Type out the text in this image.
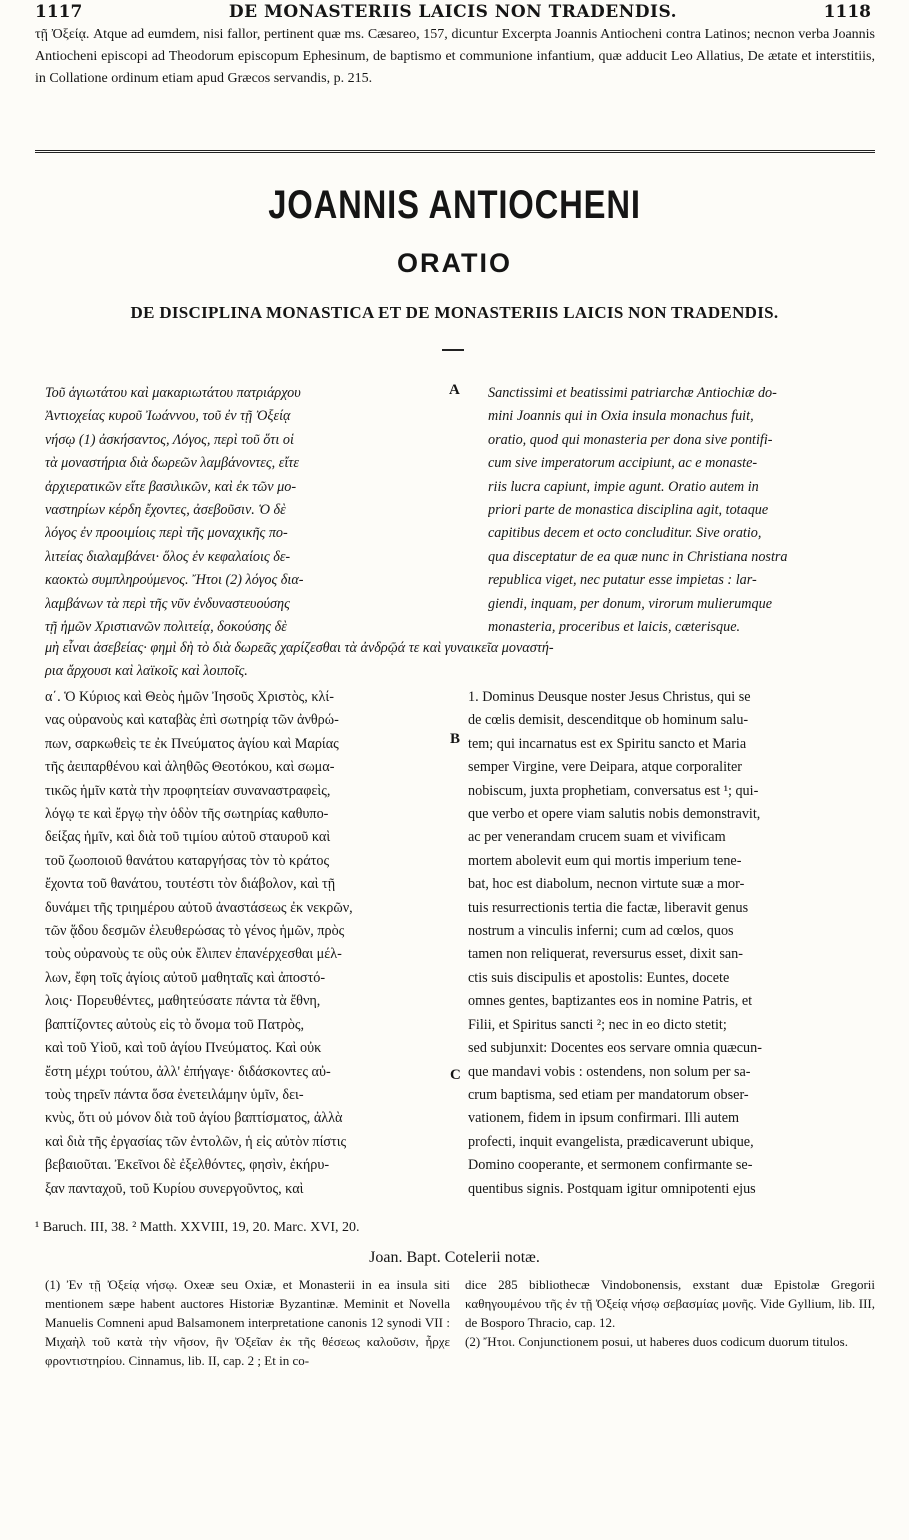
1117	DE MONASTERIIS LAICIS NON TRADENDIS.	1118

τῇ Ὀξείᾳ. Atque ad eumdem, nisi fallor, pertinent quæ ms. Cæsareo, 157, dicuntur Excerpta Joannis Antiocheni contra Latinos; necnon verba Joannis Antiocheni episcopi ad Theodorum episcopum Ephesinum, de baptismo et communione infantium, quæ adducit Leo Allatius, De ætate et interstitiis, in Collatione ordinum etiam apud Græcos servandis, p. 215.

JOANNIS ANTIOCHENI
ORATIO
DE DISCIPLINA MONASTICA ET DE MONASTERIIS LAICIS NON TRADENDIS.
A
B
C
Τοῦ ἁγιωτάτου καὶ μακαριωτάτου πατριάρχου
Ἀντιοχείας κυροῦ Ἰωάννου, τοῦ ἐν τῇ Ὀξείᾳ
νήσῳ (1) ἀσκήσαντος, Λόγος, περὶ τοῦ ὅτι οἱ
τὰ μοναστήρια διὰ δωρεῶν λαμβάνοντες, εἴτε
ἀρχιερατικῶν εἴτε βασιλικῶν, καὶ ἐκ τῶν μο-
ναστηρίων κέρδη ἔχοντες, ἀσεβοῦσιν. Ὁ δὲ
λόγος ἐν προοιμίοις περὶ τῆς μοναχικῆς πο-
λιτείας διαλαμβάνει· ὅλος ἐν κεφαλαίοις δε-
καοκτὼ συμπληρούμενος. Ἤτοι (2) λόγος δια-
λαμβάνων τὰ περὶ τῆς νῦν ἐνδυναστευούσης
τῇ ἡμῶν Χριστιανῶν πολιτείᾳ, δοκούσης δὲ
Sanctissimi et beatissimi patriarchæ Antiochiæ do-
mini Joannis qui in Oxia insula monachus fuit,
oratio, quod qui monasteria per dona sive pontifi-
cum sive imperatorum accipiunt, ac e monaste-
riis lucra capiunt, impie agunt. Oratio autem in
priori parte de monastica disciplina agit, totaque
capitibus decem et octo concluditur. Sive oratio,
qua disceptatur de ea quæ nunc in Christiana nostra
republica viget, nec putatur esse impietas : lar-
giendi, inquam, per donum, virorum mulierumque
monasteria, proceribus et laicis, cæterisque.
μὴ εἶναι ἀσεβείας· φημὶ δὴ τὸ διὰ δωρεᾶς χαρίζεσθαι τὰ ἀνδρῷά τε καὶ γυναικεῖα μοναστή-
ρια ἄρχουσι καὶ λαϊκοῖς καὶ λοιποῖς.
α΄. Ὁ Κύριος καὶ Θεὸς ἡμῶν Ἰησοῦς Χριστὸς, κλί-
νας οὐρανοὺς καὶ καταβὰς ἐπὶ σωτηρίᾳ τῶν ἀνθρώ-
πων, σαρκωθεὶς τε ἐκ Πνεύματος ἁγίου καὶ Μαρίας
τῆς ἀειπαρθένου καὶ ἀληθῶς Θεοτόκου, καὶ σωμα-
τικῶς ἡμῖν κατὰ τὴν προφητείαν συναναστραφεὶς,
λόγῳ τε καὶ ἔργῳ τὴν ὁδὸν τῆς σωτηρίας καθυπο-
δείξας ἡμῖν, καὶ διὰ τοῦ τιμίου αὐτοῦ σταυροῦ καὶ
τοῦ ζωοποιοῦ θανάτου καταργήσας τὸν τὸ κράτος
ἔχοντα τοῦ θανάτου, τουτέστι τὸν διάβολον, καὶ τῇ
δυνάμει τῆς τριημέρου αὐτοῦ ἀναστάσεως ἐκ νεκρῶν,
τῶν ᾅδου δεσμῶν ἐλευθερώσας τὸ γένος ἡμῶν, πρὸς
τοὺς οὐρανοὺς τε οὓς οὐκ ἔλιπεν ἐπανέρχεσθαι μέλ-
λων, ἔφη τοῖς ἁγίοις αὐτοῦ μαθηταῖς καὶ ἀποστό-
λοις· Πορευθέντες, μαθητεύσατε πάντα τὰ ἔθνη,
βαπτίζοντες αὐτοὺς εἰς τὸ ὄνομα τοῦ Πατρὸς,
καὶ τοῦ Υἱοῦ, καὶ τοῦ ἁγίου Πνεύματος. Καὶ οὐκ
ἔστη μέχρι τούτου, ἀλλ' ἐπήγαγε· διδάσκοντες αὐ-
τοὺς τηρεῖν πάντα ὅσα ἐνετειλάμην ὑμῖν, δει-
κνὺς, ὅτι οὐ μόνον διὰ τοῦ ἁγίου βαπτίσματος, ἀλλὰ
καὶ διὰ τῆς ἐργασίας τῶν ἐντολῶν, ἡ εἰς αὐτὸν πίστις
βεβαιοῦται. Ἐκεῖνοι δὲ ἐξελθόντες, φησὶν, ἐκήρυ-
ξαν πανταχοῦ, τοῦ Κυρίου συνεργοῦντος, καὶ
1. Dominus Deusque noster Jesus Christus, qui se
de cœlis demisit, descenditque ob hominum salu-
tem; qui incarnatus est ex Spiritu sancto et Maria
semper Virgine, vere Deipara, atque corporaliter
nobiscum, juxta prophetiam, conversatus est ¹; qui-
que verbo et opere viam salutis nobis demonstravit,
ac per venerandam crucem suam et vivificam
mortem abolevit eum qui mortis imperium tene-
bat, hoc est diabolum, necnon virtute suæ a mor-
tuis resurrectionis tertia die factæ, liberavit genus
nostrum a vinculis inferni; cum ad cœlos, quos
tamen non reliquerat, reversurus esset, dixit san-
ctis suis discipulis et apostolis: Euntes, docete
omnes gentes, baptizantes eos in nomine Patris, et
Filii, et Spiritus sancti ²; nec in eo dicto stetit;
sed subjunxit: Docentes eos servare omnia quæcun-
que mandavi vobis : ostendens, non solum per sa-
crum baptisma, sed etiam per mandatorum obser-
vationem, fidem in ipsum confirmari. Illi autem
profecti, inquit evangelista, prædicaverunt ubique,
Domino cooperante, et sermonem confirmante se-
quentibus signis. Postquam igitur omnipotenti ejus
¹ Baruch. III, 38. ² Matth. XXVIII, 19, 20. Marc. XVI, 20.
Joan. Bapt. Cotelerii notæ.

(1) Ἐν τῇ Ὀξείᾳ νήσῳ. Oxeæ seu Oxiæ, et Monasterii in ea insula siti mentionem sæpe habent auctores Historiæ Byzantinæ. Meminit et Novella Manuelis Comneni apud Balsamonem interpretatione canonis 12 synodi VII : Μιχαὴλ τοῦ κατὰ τὴν νῆσον, ἣν Ὀξεῖαν ἐκ τῆς θέσεως καλοῦσιν, ἦρχε φροντιστηρίου. Cinnamus, lib. II, cap. 2 ; Et in co-

dice 285 bibliothecæ Vindobonensis, exstant duæ Epistolæ Gregorii καθηγουμένου τῆς ἐν τῇ Ὀξείᾳ νήσῳ σεβασμίας μονῆς. Vide Gyllium, lib. III, de Bosporo Thracio, cap. 12.

(2) Ἤτοι. Conjunctionem posui, ut haberes duos codicum duorum titulos.
